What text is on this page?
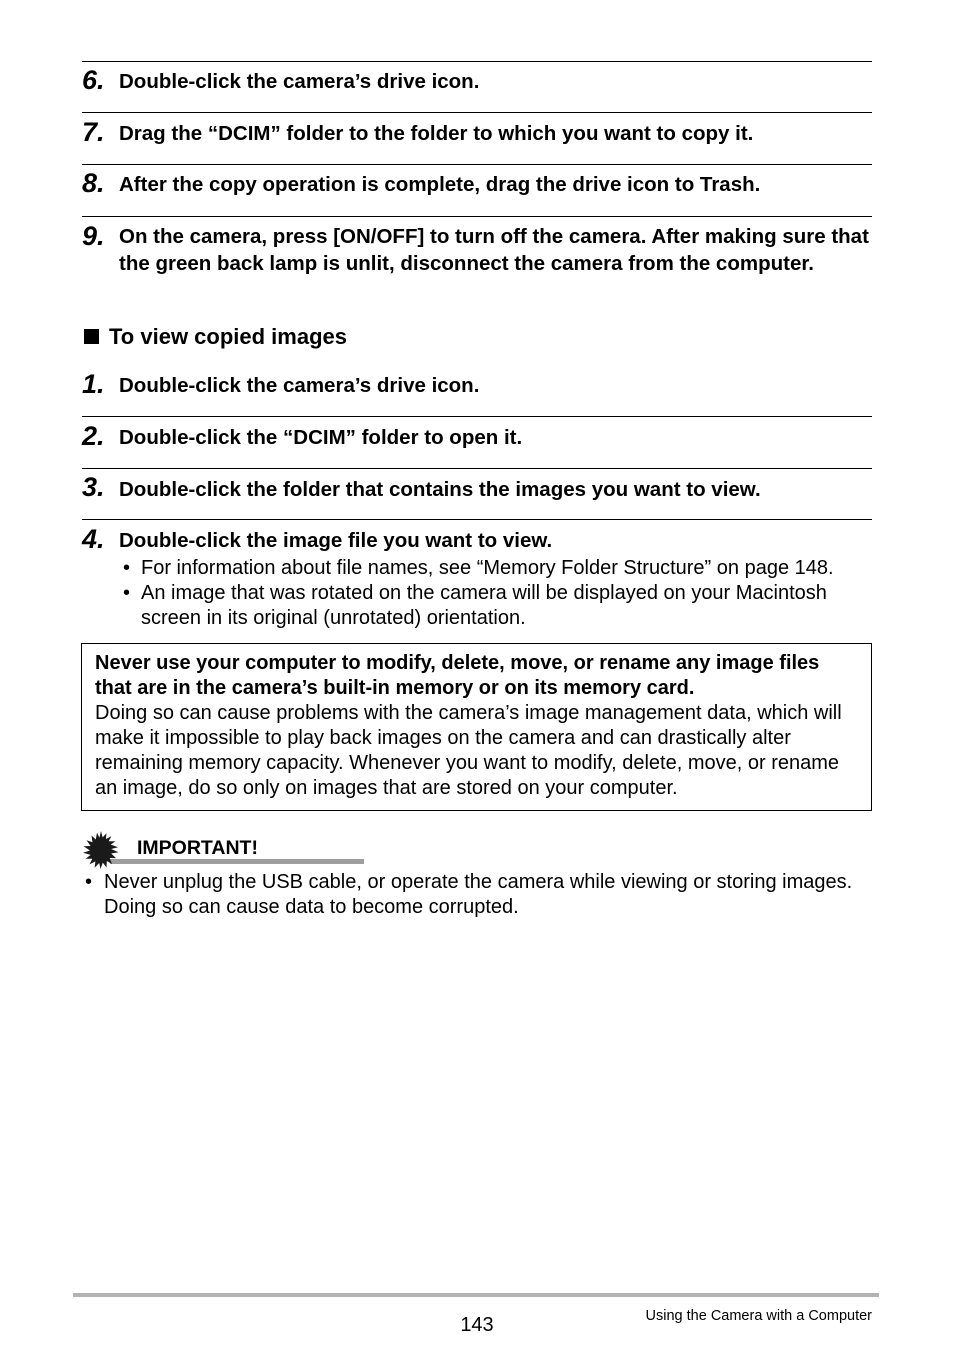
6. Double-click the camera’s drive icon.
7. Drag the “DCIM” folder to the folder to which you want to copy it.
8. After the copy operation is complete, drag the drive icon to Trash.
9. On the camera, press [ON/OFF] to turn off the camera. After making sure that the green back lamp is unlit, disconnect the camera from the computer.
To view copied images
1. Double-click the camera’s drive icon.
2. Double-click the “DCIM” folder to open it.
3. Double-click the folder that contains the images you want to view.
4. Double-click the image file you want to view.
• For information about file names, see “Memory Folder Structure” on page 148.
• An image that was rotated on the camera will be displayed on your Macintosh screen in its original (unrotated) orientation.
Never use your computer to modify, delete, move, or rename any image files that are in the camera’s built-in memory or on its memory card.
Doing so can cause problems with the camera’s image management data, which will make it impossible to play back images on the camera and can drastically alter remaining memory capacity. Whenever you want to modify, delete, move, or rename an image, do so only on images that are stored on your computer.
IMPORTANT!
• Never unplug the USB cable, or operate the camera while viewing or storing images. Doing so can cause data to become corrupted.
143	Using the Camera with a Computer
